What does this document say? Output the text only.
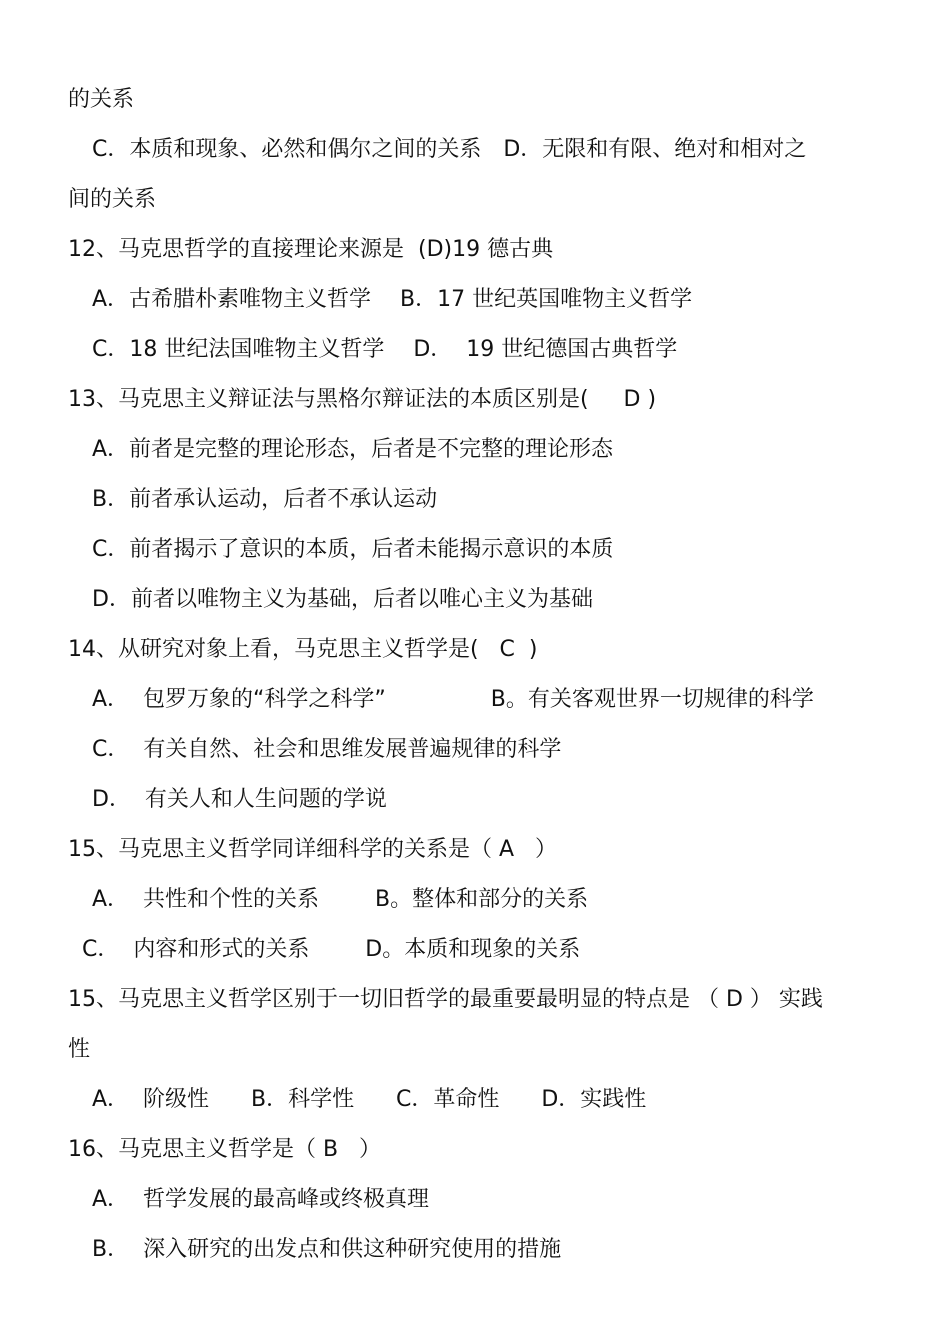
的关系
C．本质和现象、必然和偶尔之间的关系　D．无限和有限、绝对和相对之
间的关系
12、马克思哲学的直接理论来源是  (D)19 德古典
A．古希腊朴素唯物主义哲学　 B．17 世纪英国唯物主义哲学
C．18 世纪法国唯物主义哲学　 D．  19 世纪德国古典哲学
13、马克思主义辩证法与黑格尔辩证法的本质区别是(     D )
A．前者是完整的理论形态，后者是不完整的理论形态
B．前者承认运动，后者不承认运动
C．前者揭示了意识的本质，后者未能揭示意识的本质
D．前者以唯物主义为基础，后者以唯心主义为基础
14、从研究对象上看，马克思主义哲学是(   C  )
A．  包罗万象的“科学之科学”               B。有关客观世界一切规律的科学
C．  有关自然、社会和思维发展普遍规律的科学
D．  有关人和人生问题的学说
15、马克思主义哲学同详细科学的关系是（ A   ）
A．  共性和个性的关系        B。整体和部分的关系
C．  内容和形式的关系        D。本质和现象的关系
15、马克思主义哲学区别于一切旧哲学的最重要最明显的特点是 （ D ） 实践
性
A．  阶级性      B．科学性      C．革命性      D．实践性
16、马克思主义哲学是（ B   ）
A．  哲学发展的最高峰或终极真理
B．  深入研究的出发点和供这种研究使用的措施
